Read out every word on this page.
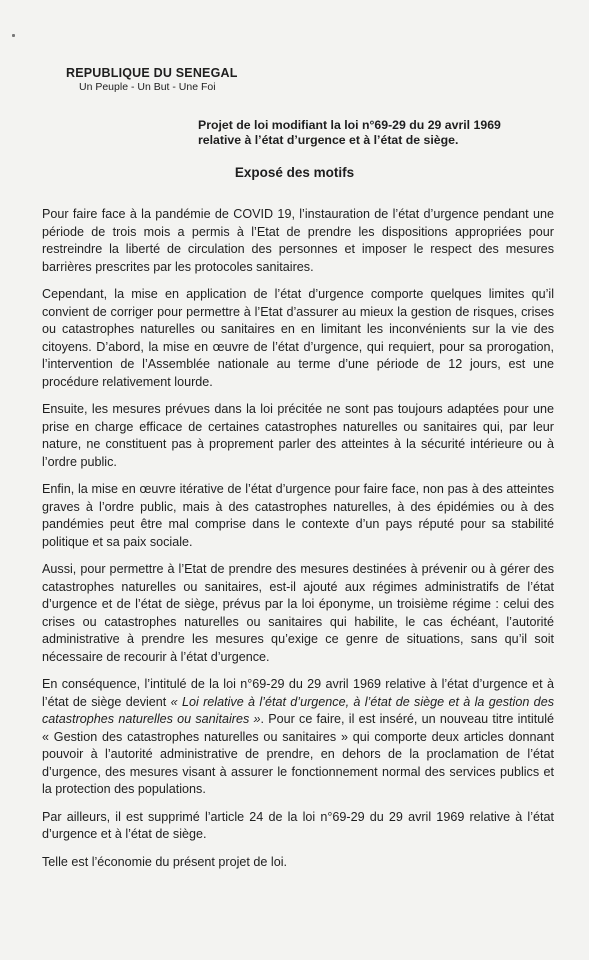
REPUBLIQUE DU SENEGAL
Un Peuple - Un But - Une Foi
Projet de loi modifiant la loi n°69-29 du 29 avril 1969
relative à l’état d’urgence et à l’état de siège.
Exposé des motifs

Pour faire face à la pandémie de COVID 19, l’instauration de l’état d’urgence pendant une période de trois mois a permis à l’Etat de prendre les dispositions appropriées pour restreindre la liberté de circulation des personnes et imposer le respect des mesures barrières prescrites par les protocoles sanitaires.

Cependant, la mise en application de l’état d’urgence comporte quelques limites qu’il convient de corriger pour permettre à l’Etat d’assurer au mieux la gestion de risques, crises ou catastrophes naturelles ou sanitaires en en limitant les inconvénients sur la vie des citoyens. D’abord, la mise en œuvre de l’état d’urgence, qui requiert, pour sa prorogation, l’intervention de l’Assemblée nationale au terme d’une période de 12 jours, est une procédure relativement lourde.

Ensuite, les mesures prévues dans la loi précitée ne sont pas toujours adaptées pour une prise en charge efficace de certaines catastrophes naturelles ou sanitaires qui, par leur nature, ne constituent pas à proprement parler des atteintes à la sécurité intérieure ou à l’ordre public.

Enfin, la mise en œuvre itérative de l’état d’urgence pour faire face, non pas à des atteintes graves à l’ordre public, mais à des catastrophes naturelles, à des épidémies ou à des pandémies peut être mal comprise dans le contexte d’un pays réputé pour sa stabilité politique et sa paix sociale.

Aussi, pour permettre à l’Etat de prendre des mesures destinées à prévenir ou à gérer des catastrophes naturelles ou sanitaires, est-il ajouté aux régimes administratifs de l’état d’urgence et de l’état de siège, prévus par la loi éponyme, un troisième régime : celui des crises ou catastrophes naturelles ou sanitaires qui habilite, le cas échéant, l’autorité administrative à prendre les mesures qu’exige ce genre de situations, sans qu’il soit nécessaire de recourir à l’état d’urgence.

En conséquence, l’intitulé de la loi n°69-29 du 29 avril 1969 relative à l’état d’urgence et à l’état de siège devient « Loi relative à l’état d’urgence, à l’état de siège et à la gestion des catastrophes naturelles ou sanitaires ». Pour ce faire, il est inséré, un nouveau titre intitulé « Gestion des catastrophes naturelles ou sanitaires » qui comporte deux articles donnant pouvoir à l’autorité administrative de prendre, en dehors de la proclamation de l’état d’urgence, des mesures visant à assurer le fonctionnement normal des services publics et la protection des populations.

Par ailleurs, il est supprimé l’article 24 de la loi n°69-29 du 29 avril 1969 relative à l’état d’urgence et à l’état de siège.

Telle est l’économie du présent projet de loi.
